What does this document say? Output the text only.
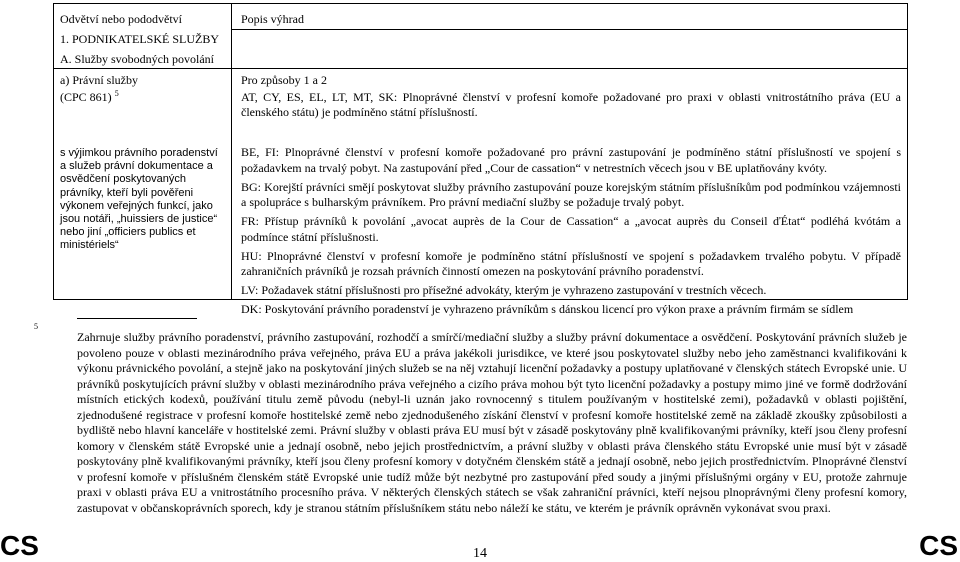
Odvětví nebo pododvětví
1. PODNIKATELSKÉ SLUŽBY
A. Služby svobodných povolání
Popis výhrad
a) Právní služby
(CPC 861) $^5$
Pro způsoby 1 a 2
AT, CY, ES, EL, LT, MT, SK: Plnoprávné členství v profesní komoře požadované pro praxi v oblasti vnitrostátního práva (EU a členského státu) je podmíněno státní příslušností.
s výjimkou právního poradenství a služeb právní dokumentace a osvědčení poskytovaných právníky, kteří byli pověřeni výkonem veřejných funkcí, jako jsou notáři, „huissiers de justice“ nebo jiní „officiers publics et ministériels“
BE, FI: Plnoprávné členství v profesní komoře požadované pro právní zastupování je podmíněno státní příslušností ve spojení s požadavkem na trvalý pobyt. Na zastupování před „Cour de cassation“ v netrestních věcech jsou v BE uplatňovány kvóty.
BG: Korejští právníci smějí poskytovat služby právního zastupování pouze korejským státním příslušníkům pod podmínkou vzájemnosti a spolupráce s bulharským právníkem. Pro právní mediační služby se požaduje trvalý pobyt.
FR: Přístup právníků k povolání „avocat auprès de la Cour de Cassation“ a „avocat auprès du Conseil ďÉtat“ podléhá kvótám a podmínce státní příslušnosti.
HU: Plnoprávné členství v profesní komoře je podmíněno státní příslušností ve spojení s požadavkem trvalého pobytu. V případě zahraničních právníků je rozsah právních činností omezen na poskytování právního poradenství.
LV: Požadavek státní příslušnosti pro přísežné advokáty, kterým je vyhrazeno zastupování v trestních věcech.
DK: Poskytování právního poradenství je vyhrazeno právníkům s dánskou licencí pro výkon praxe a právním firmám se sídlem
5
Zahrnuje služby právního poradenství, právního zastupování, rozhodčí a smírčí/mediační služby a služby právní dokumentace a osvědčení. Poskytování právních služeb je povoleno pouze v oblasti mezinárodního práva veřejného, práva EU a práva jakékoli jurisdikce, ve které jsou poskytovatel služby nebo jeho zaměstnanci kvalifikováni k výkonu právnického povolání, a stejně jako na poskytování jiných služeb se na něj vztahují licenční požadavky a postupy uplatňované v členských státech Evropské unie. U právníků poskytujících právní služby v oblasti mezinárodního práva veřejného a cizího práva mohou být tyto licenční požadavky a postupy mimo jiné ve formě dodržování místních etických kodexů, používání titulu země původu (nebyl-li uznán jako rovnocenný s titulem používaným v hostitelské zemi), požadavků v oblasti pojištění, zjednodušené registrace v profesní komoře hostitelské země nebo zjednodušeného získání členství v profesní komoře hostitelské země na základě zkoušky způsobilosti a bydliště nebo hlavní kanceláře v hostitelské zemi. Právní služby v oblasti práva EU musí být v zásadě poskytovány plně kvalifikovanými právníky, kteří jsou členy profesní komory v členském státě Evropské unie a jednají osobně, nebo jejich prostřednictvím, a právní služby v oblasti práva členského státu Evropské unie musí být v zásadě poskytovány plně kvalifikovanými právníky, kteří jsou členy profesní komory v dotyčném členském státě a jednají osobně, nebo jejich prostřednictvím. Plnoprávné členství v profesní komoře v příslušném členském státě Evropské unie tudíž může být nezbytné pro zastupování před soudy a jinými příslušnými orgány v EU, protože zahrnuje praxi v oblasti práva EU a vnitrostátního procesního práva. V některých členských státech se však zahraniční právníci, kteří nejsou plnoprávnými členy profesní komory, zastupovat v občanskoprávních sporech, kdy je stranou státním příslušníkem státu nebo náleží ke státu, ve kterém je právník oprávněn vykonávat svou praxi.
CS	14	CS
